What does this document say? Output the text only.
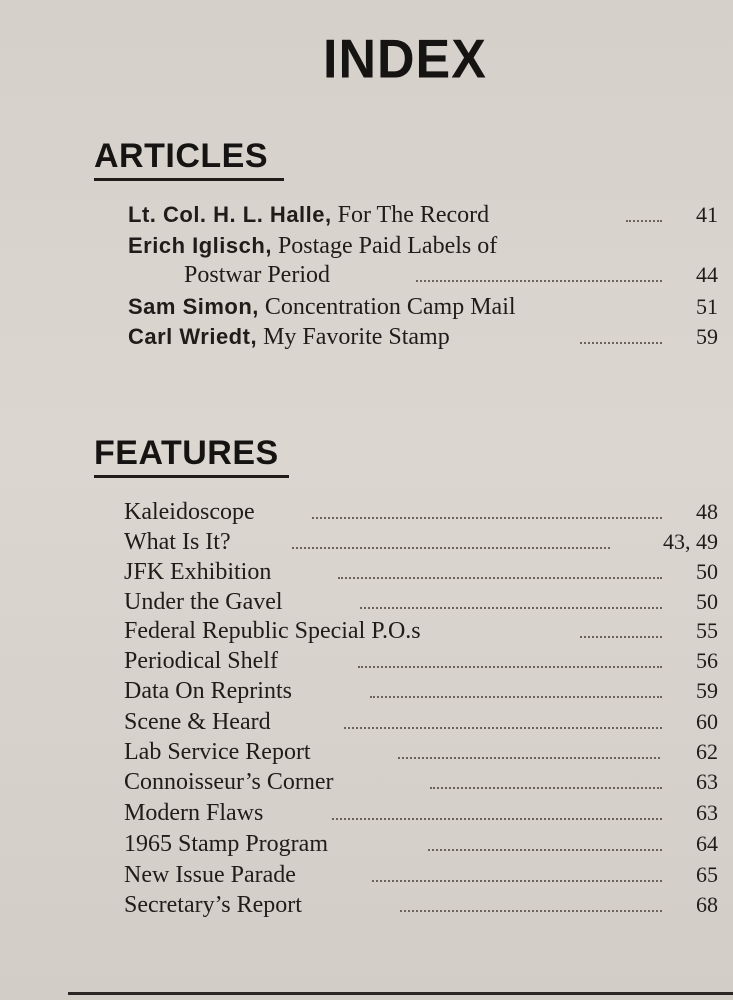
INDEX
ARTICLES
Lt. Col. H. L. Halle, For The Record	41
Erich Iglisch, Postage Paid Labels of
Postwar Period	44
Sam Simon, Concentration Camp Mail	51
Carl Wriedt, My Favorite Stamp	59
FEATURES
Kaleidoscope	48
What Is It?	43, 49
JFK Exhibition	50
Under the Gavel	50
Federal Republic Special P.O.s	55
Periodical Shelf	56
Data On Reprints	59
Scene & Heard	60
Lab Service Report	62
Connoisseur’s Corner	63
Modern Flaws	63
1965 Stamp Program	64
New Issue Parade	65
Secretary’s Report	68
